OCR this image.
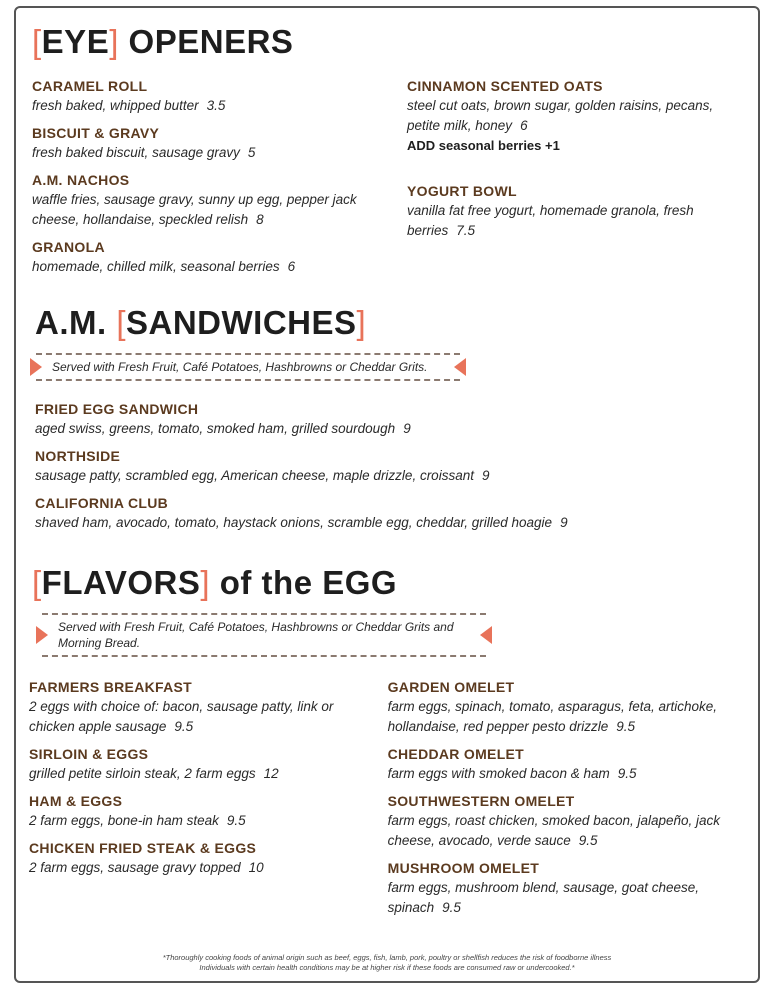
[EYE] OPENERS
CARAMEL ROLL
fresh baked, whipped butter 3.5
BISCUIT & GRAVY
fresh baked biscuit, sausage gravy 5
A.M. NACHOS
waffle fries, sausage gravy, sunny up egg, pepper jack cheese, hollandaise, speckled relish 8
GRANOLA
homemade, chilled milk, seasonal berries 6
CINNAMON SCENTED OATS
steel cut oats, brown sugar, golden raisins, pecans, petite milk, honey 6
ADD seasonal berries +1
YOGURT BOWL
vanilla fat free yogurt, homemade granola, fresh berries 7.5
A.M. [SANDWICHES]
Served with Fresh Fruit, Café Potatoes, Hashbrowns or Cheddar Grits.
FRIED EGG SANDWICH
aged swiss, greens, tomato, smoked ham, grilled sourdough 9
NORTHSIDE
sausage patty, scrambled egg, American cheese, maple drizzle, croissant 9
CALIFORNIA CLUB
shaved ham, avocado, tomato, haystack onions, scramble egg, cheddar, grilled hoagie 9
[FLAVORS] of the EGG
Served with Fresh Fruit, Café Potatoes, Hashbrowns or Cheddar Grits and Morning Bread.
FARMERS BREAKFAST
2 eggs with choice of: bacon, sausage patty, link or chicken apple sausage 9.5
SIRLOIN & EGGS
grilled petite sirloin steak, 2 farm eggs 12
HAM & EGGS
2 farm eggs, bone-in ham steak 9.5
CHICKEN FRIED STEAK & EGGS
2 farm eggs, sausage gravy topped 10
GARDEN OMELET
farm eggs, spinach, tomato, asparagus, feta, artichoke, hollandaise, red pepper pesto drizzle 9.5
CHEDDAR OMELET
farm eggs with smoked bacon & ham 9.5
SOUTHWESTERN OMELET
farm eggs, roast chicken, smoked bacon, jalapeño, jack cheese, avocado, verde sauce 9.5
MUSHROOM OMELET
farm eggs, mushroom blend, sausage, goat cheese, spinach 9.5
*Thoroughly cooking foods of animal origin such as beef, eggs, fish, lamb, pork, poultry or shellfish reduces the risk of foodborne illness
Individuals with certain health conditions may be at higher risk if these foods are consumed raw or undercooked.*
